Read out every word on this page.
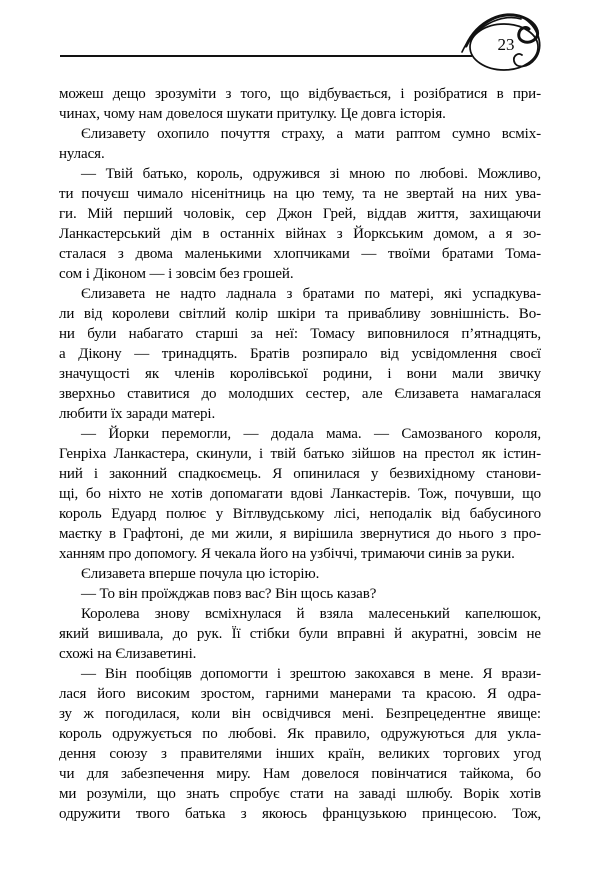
23
можеш дещо зрозуміти з того, що відбувається, і розібратися в при-
чинах, чому нам довелося шукати притулку. Це довга історія.
Єлизавету охопило почуття страху, а мати раптом сумно всміх-
нулася.
— Твій батько, король, одружився зі мною по любові. Можливо,
ти почуєш чимало нісенітниць на цю тему, та не звертай на них ува-
ги. Мій перший чоловік, сер Джон Грей, віддав життя, захищаючи
Ланкастерський дім в останніх війнах з Йоркським домом, а я зо-
сталася з двома маленькими хлопчиками — твоїми братами Тома-
сом і Діконом — і зовсім без грошей.
Єлизавета не надто ладнала з братами по матері, які успадкува-
ли від королеви світлий колір шкіри та привабливу зовнішність. Во-
ни були набагато старші за неї: Томасу виповнилося п’ятнадцять,
а Дікону — тринадцять. Братів розпирало від усвідомлення своєї
значущості як членів королівської родини, і вони мали звичку
зверхньо ставитися до молодших сестер, але Єлизавета намагалася
любити їх заради матері.
— Йорки перемогли, — додала мама. — Самозваного короля,
Генріха Ланкастера, скинули, і твій батько зійшов на престол як істин-
ний і законний спадкоємець. Я опинилася у безвихідному станови-
щі, бо ніхто не хотів допомагати вдові Ланкастерів. Тож, почувши, що
король Едуард полює у Вітлвудському лісі, неподалік від бабусиного
маєтку в Графтоні, де ми жили, я вирішила звернутися до нього з про-
ханням про допомогу. Я чекала його на узбіччі, тримаючи синів за руки.
Єлизавета вперше почула цю історію.
— То він проїжджав повз вас? Він щось казав?
Королева знову всміхнулася й взяла малесенький капелюшок,
який вишивала, до рук. Її стібки були вправні й акуратні, зовсім не
схожі на Єлизаветині.
— Він пообіцяв допомогти і зрештою закохався в мене. Я врази-
лася його високим зростом, гарними манерами та красою. Я одра-
зу ж погодилася, коли він освідчився мені. Безпрецедентне явище:
король одружується по любові. Як правило, одружуються для укла-
дення союзу з правителями інших країн, великих торгових угод
чи для забезпечення миру. Нам довелося повінчатися тайкома, бо
ми розуміли, що знать спробує стати на заваді шлюбу. Ворік хотів
одружити твого батька з якоюсь французькою принцесою. Тож,
